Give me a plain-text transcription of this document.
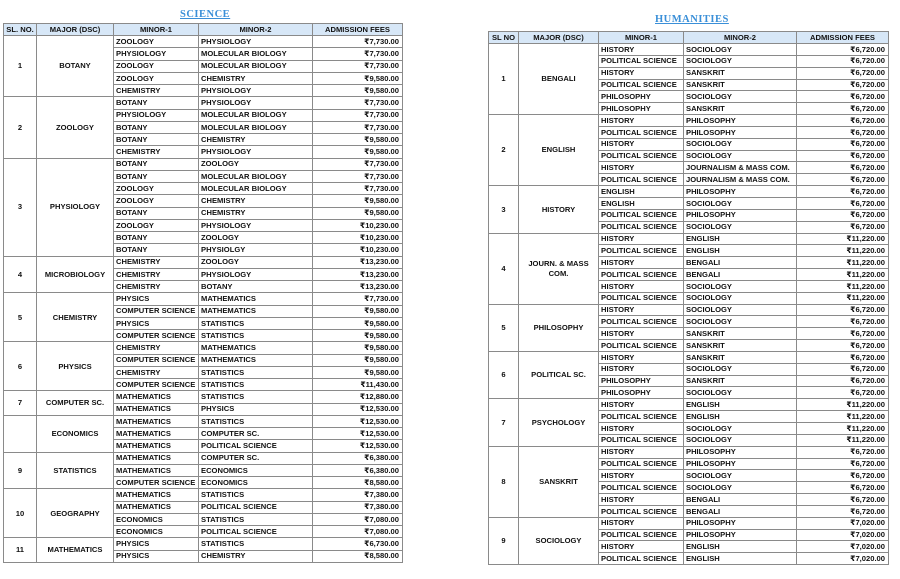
SCIENCE
SL. NO.	MAJOR (DSC)	MINOR-1	MINOR-2	ADMISSION FEES
1	BOTANY	ZOOLOGY	PHYSIOLOGY	₹7,730.00
		PHYSIOLOGY	MOLECULAR BIOLOGY	₹7,730.00
		ZOOLOGY	MOLECULAR BIOLOGY	₹7,730.00
		ZOOLOGY	CHEMISTRY	₹9,580.00
		CHEMISTRY	PHYSIOLOGY	₹9,580.00
2	ZOOLOGY	BOTANY	PHYSIOLOGY	₹7,730.00
		PHYSIOLOGY	MOLECULAR BIOLOGY	₹7,730.00
		BOTANY	MOLECULAR BIOLOGY	₹7,730.00
		BOTANY	CHEMISTRY	₹9,580.00
		CHEMISTRY	PHYSIOLOGY	₹9,580.00
3	PHYSIOLOGY	BOTANY	ZOOLOGY	₹7,730.00
		BOTANY	MOLECULAR BIOLOGY	₹7,730.00
		ZOOLOGY	MOLECULAR BIOLOGY	₹7,730.00
		ZOOLOGY	CHEMISTRY	₹9,580.00
		BOTANY	CHEMISTRY	₹9,580.00
		ZOOLOGY	PHYSIOLOGY	₹10,230.00
		BOTANY	ZOOLOGY	₹10,230.00
		BOTANY	PHYSIOLGY	₹10,230.00
4	MICROBIOLOGY	CHEMISTRY	ZOOLOGY	₹13,230.00
		CHEMISTRY	PHYSIOLOGY	₹13,230.00
		CHEMISTRY	BOTANY	₹13,230.00
5	CHEMISTRY	PHYSICS	MATHEMATICS	₹7,730.00
		COMPUTER SCIENCE	MATHEMATICS	₹9,580.00
		PHYSICS	STATISTICS	₹9,580.00
		COMPUTER SCIENCE	STATISTICS	₹9,580.00
6	PHYSICS	CHEMISTRY	MATHEMATICS	₹9,580.00
		COMPUTER SCIENCE	MATHEMATICS	₹9,580.00
		CHEMISTRY	STATISTICS	₹9,580.00
		COMPUTER SCIENCE	STATISTICS	₹11,430.00
7	COMPUTER SC.	MATHEMATICS	STATISTICS	₹12,880.00
		MATHEMATICS	PHYSICS	₹12,530.00
	ECONOMICS	MATHEMATICS	STATISTICS	₹12,530.00
		MATHEMATICS	COMPUTER SC.	₹12,530.00
		MATHEMATICS	POLITICAL SCIENCE	₹12,530.00
9	STATISTICS	MATHEMATICS	COMPUTER SC.	₹6,380.00
		MATHEMATICS	ECONOMICS	₹6,380.00
		COMPUTER SCIENCE	ECONOMICS	₹8,580.00
10	GEOGRAPHY	MATHEMATICS	STATISTICS	₹7,380.00
		MATHEMATICS	POLITICAL SCIENCE	₹7,380.00
		ECONOMICS	STATISTICS	₹7,080.00
		ECONOMICS	POLITICAL SCIENCE	₹7,080.00
11	MATHEMATICS	PHYSICS	STATISTICS	₹6,730.00
		PHYSICS	CHEMISTRY	₹8,580.00
HUMANITIES
SL NO	MAJOR (DSC)	MINOR-1	MINOR-2	ADMISSION FEES
1	BENGALI	HISTORY	SOCIOLOGY	₹6,720.00
		POLITICAL SCIENCE	SOCIOLOGY	₹6,720.00
		HISTORY	SANSKRIT	₹6,720.00
		POLITICAL SCIENCE	SANSKRIT	₹6,720.00
		PHILOSOPHY	SOCIOLOGY	₹6,720.00
		PHILOSOPHY	SANSKRIT	₹6,720.00
2	ENGLISH	HISTORY	PHILOSOPHY	₹6,720.00
		POLITICAL SCIENCE	PHILOSOPHY	₹6,720.00
		HISTORY	SOCIOLOGY	₹6,720.00
		POLITICAL SCIENCE	SOCIOLOGY	₹6,720.00
		HISTORY	JOURNALISM & MASS COM.	₹6,720.00
		POLITICAL SCIENCE	JOURNALISM & MASS COM.	₹6,720.00
3	HISTORY	ENGLISH	PHILOSOPHY	₹6,720.00
		ENGLISH	SOCIOLOGY	₹6,720.00
		POLITICAL SCIENCE	PHILOSOPHY	₹6,720.00
		POLITICAL SCIENCE	SOCIOLOGY	₹6,720.00
4	JOURN. & MASS COM.	HISTORY	ENGLISH	₹11,220.00
		POLITICAL SCIENCE	ENGLISH	₹11,220.00
		HISTORY	BENGALI	₹11,220.00
		POLITICAL SCIENCE	BENGALI	₹11,220.00
		HISTORY	SOCIOLOGY	₹11,220.00
		POLITICAL SCIENCE	SOCIOLOGY	₹11,220.00
5	PHILOSOPHY	HISTORY	SOCIOLOGY	₹6,720.00
		POLITICAL SCIENCE	SOCIOLOGY	₹6,720.00
		HISTORY	SANSKRIT	₹6,720.00
		POLITICAL SCIENCE	SANSKRIT	₹6,720.00
6	POLITICAL SC.	HISTORY	SANSKRIT	₹6,720.00
		HISTORY	SOCIOLOGY	₹6,720.00
		PHILOSOPHY	SANSKRIT	₹6,720.00
		PHILOSOPHY	SOCIOLOGY	₹6,720.00
7	PSYCHOLOGY	HISTORY	ENGLISH	₹11,220.00
		POLITICAL SCIENCE	ENGLISH	₹11,220.00
		HISTORY	SOCIOLOGY	₹11,220.00
		POLITICAL SCIENCE	SOCIOLOGY	₹11,220.00
8	SANSKRIT	HISTORY	PHILOSOPHY	₹6,720.00
		POLITICAL SCIENCE	PHILOSOPHY	₹6,720.00
		HISTORY	SOCIOLOGY	₹6,720.00
		POLITICAL SCIENCE	SOCIOLOGY	₹6,720.00
		HISTORY	BENGALI	₹6,720.00
		POLITICAL SCIENCE	BENGALI	₹6,720.00
9	SOCIOLOGY	HISTORY	PHILOSOPHY	₹7,020.00
		POLITICAL SCIENCE	PHILOSOPHY	₹7,020.00
		HISTORY	ENGLISH	₹7,020.00
		POLITICAL SCIENCE	ENGLISH	₹7,020.00
